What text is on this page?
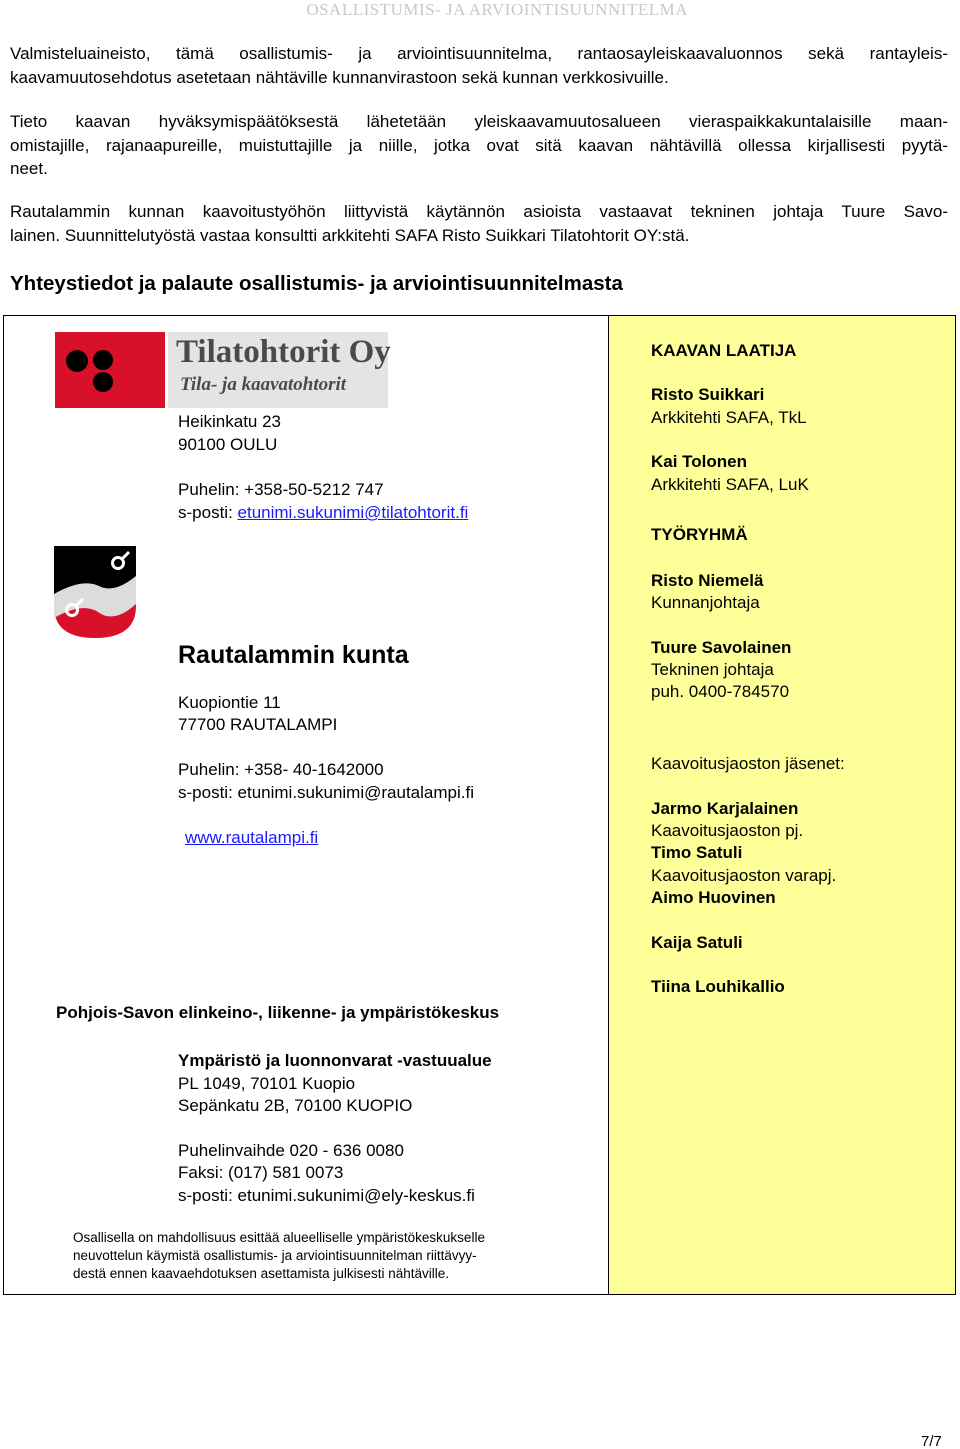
OSALLISTUMIS- JA ARVIOINTISUUNNITELMA
Valmisteluaineisto, tämä osallistumis- ja arviointisuunnitelma, rantaosayleiskaavaluonnos sekä rantayleis-
kaavamuutosehdotus asetetaan nähtäville kunnanvirastoon sekä kunnan verkkosivuille.
Tieto kaavan hyväksymispäätöksestä lähetetään yleiskaavamuutosalueen vieraspaikkakuntalaisille maan-
omistajille, rajanaapureille, muistuttajille ja niille, jotka ovat sitä kaavan nähtävillä ollessa kirjallisesti pyytä-
neet.
Rautalammin kunnan kaavoitustyöhön liittyvistä käytännön asioista vastaavat tekninen johtaja Tuure Savo-
lainen. Suunnittelutyöstä vastaa konsultti arkkitehti SAFA Risto Suikkari Tilatohtorit OY:stä.
Yhteystiedot ja palaute osallistumis- ja arviointisuunnitelmasta
Tilatohtorit Oy
Tila- ja kaavatohtorit
Heikinkatu 23
90100 OULU
Puhelin: +358-50-5212 747
s-posti: etunimi.sukunimi@tilatohtorit.fi
Rautalammin kunta
Kuopiontie 11
77700 RAUTALAMPI
Puhelin: +358- 40-1642000
s-posti: etunimi.sukunimi@rautalampi.fi
www.rautalampi.fi
Pohjois-Savon elinkeino-, liikenne- ja ympäristökeskus
Ympäristö ja luonnonvarat -vastuualue
PL 1049, 70101 Kuopio
Sepänkatu 2B, 70100 KUOPIO
Puhelinvaihde 020 - 636 0080
Faksi: (017) 581 0073
s-posti: etunimi.sukunimi@ely-keskus.fi
Osallisella on mahdollisuus esittää alueelliselle ympäristökeskukselle
neuvottelun käymistä osallistumis- ja arviointisuunnitelman riittävyy-
destä ennen kaavaehdotuksen asettamista julkisesti nähtäville.
KAAVAN LAATIJA
Risto Suikkari
Arkkitehti SAFA, TkL
Kai Tolonen
Arkkitehti SAFA, LuK
TYÖRYHMÄ
Risto Niemelä
Kunnanjohtaja
Tuure Savolainen
Tekninen johtaja
puh. 0400-784570
Kaavoitusjaoston jäsenet:
Jarmo Karjalainen
Kaavoitusjaoston pj.
Timo Satuli
Kaavoitusjaoston varapj.
Aimo Huovinen
Kaija Satuli
Tiina Louhikallio
7/7
